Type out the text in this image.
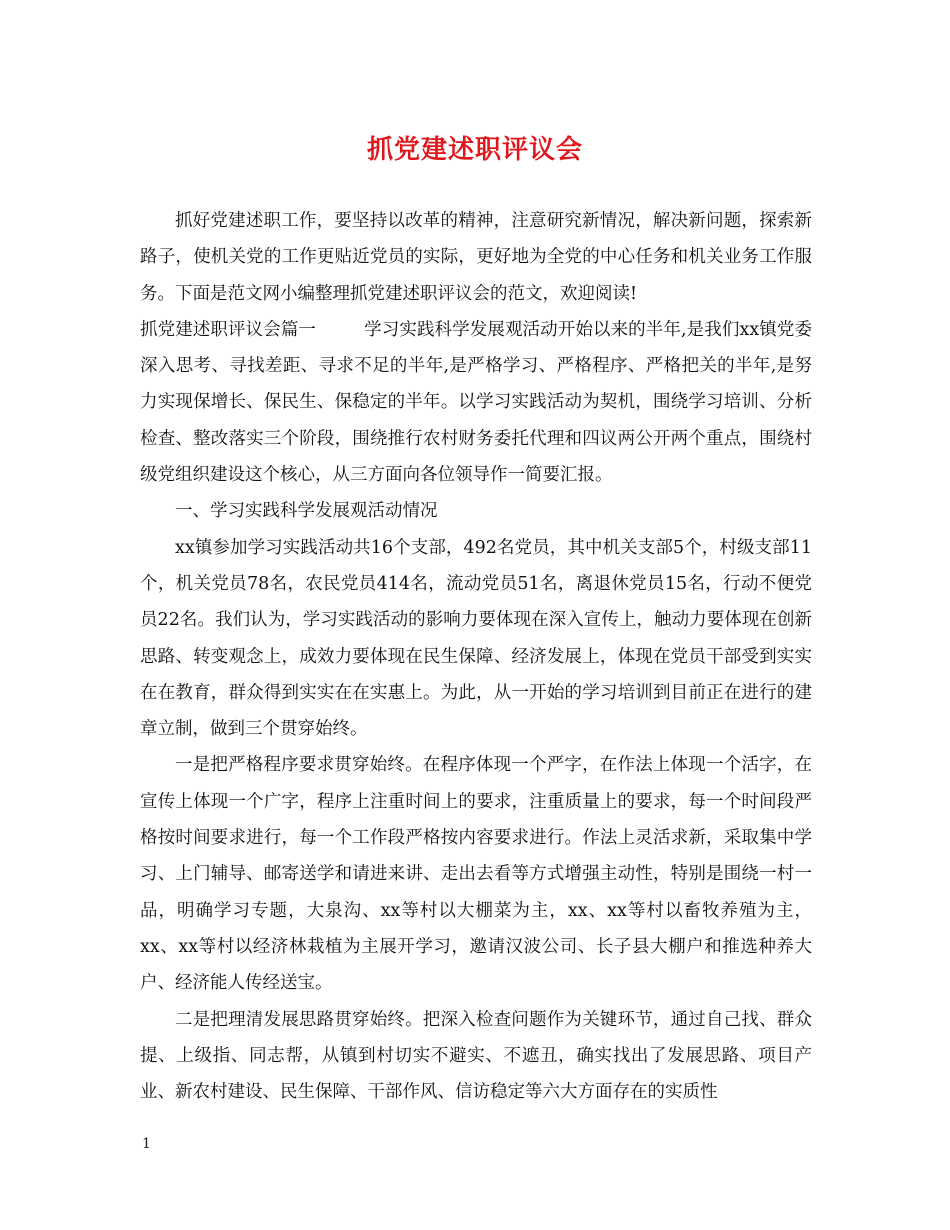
抓党建述职评议会

抓好党建述职工作，要坚持以改革的精神，注意研究新情况，解决新问题，探索新路子，使机关党的工作更贴近党员的实际，更好地为全党的中心任务和机关业务工作服务。下面是范文网小编整理抓党建述职评议会的范文，欢迎阅读!

抓党建述职评议会篇一	学习实践科学发展观活动开始以来的半年,是我们xx镇党委深入思考、寻找差距、寻求不足的半年,是严格学习、严格程序、严格把关的半年,是努力实现保增长、保民生、保稳定的半年。以学习实践活动为契机，围绕学习培训、分析检查、整改落实三个阶段，围绕推行农村财务委托代理和四议两公开两个重点，围绕村级党组织建设这个核心，从三方面向各位领导作一简要汇报。

一、学习实践科学发展观活动情况

xx镇参加学习实践活动共16个支部，492名党员，其中机关支部5个，村级支部11个，机关党员78名，农民党员414名，流动党员51名，离退休党员15名，行动不便党员22名。我们认为，学习实践活动的影响力要体现在深入宣传上，触动力要体现在创新思路、转变观念上，成效力要体现在民生保障、经济发展上，体现在党员干部受到实实在在教育，群众得到实实在在实惠上。为此，从一开始的学习培训到目前正在进行的建章立制，做到三个贯穿始终。

一是把严格程序要求贯穿始终。在程序体现一个严字，在作法上体现一个活字，在宣传上体现一个广字，程序上注重时间上的要求，注重质量上的要求，每一个时间段严格按时间要求进行，每一个工作段严格按内容要求进行。作法上灵活求新，采取集中学习、上门辅导、邮寄送学和请进来讲、走出去看等方式增强主动性，特别是围绕一村一品，明确学习专题，大泉沟、xx等村以大棚菜为主，xx、xx等村以畜牧养殖为主，xx、xx等村以经济林栽植为主展开学习，邀请汉波公司、长子县大棚户和推选种养大户、经济能人传经送宝。

二是把理清发展思路贯穿始终。把深入检查问题作为关键环节，通过自己找、群众提、上级指、同志帮，从镇到村切实不避实、不遮丑，确实找出了发展思路、项目产业、新农村建设、民生保障、干部作风、信访稳定等六大方面存在的实质性

1
